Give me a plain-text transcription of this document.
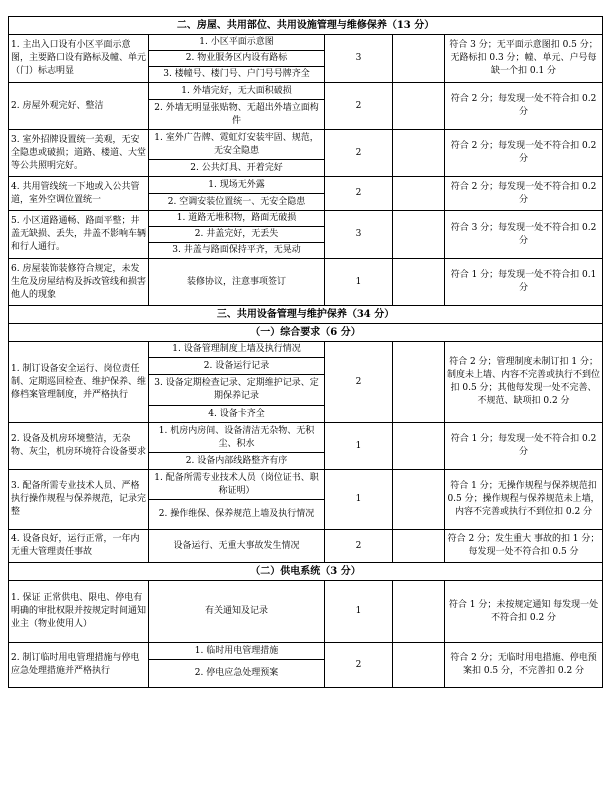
二、房屋、共用部位、共用设施管理与维修保养（13 分）				
1. 主出入口设有小区平面示意图，主要路口设有路标及幢、单元（门）标志明显	1. 小区平面示意图	3		符合 3 分；无平面示意图扣 0.5 分；无路标扣 0.3 分；幢、单元、户号每缺一个扣 0.1 分
	2. 物业服务区内设有路标			
	3. 楼幢号、楼门号、户门号号牌齐全			
2. 房屋外观完好、整洁	1. 外墙完好，无大面积破损	2		符合 2 分；每发现一处不符合扣 0.2 分
	2. 外墙无明显张贴物、无超出外墙立面构件			
3. 室外招牌设置统一美观，无安全隐患或破损；道路、楼道、大堂等公共照明完好。	1. 室外广告牌、霓虹灯安装牢固、规范，无安全隐患	2		符合 2 分；每发现一处不符合扣 0.2 分
	2. 公共灯具、开着完好			
4. 共用管线统一下地或入公共管道，室外空调位置统一	1. 现场无外露	2		符合 2 分；每发现一处不符合扣 0.2 分
	2. 空调安装位置统一、无安全隐患			
5. 小区道路通畅、路面平整；井盖无缺损、丢失，井盖不影响车辆和行人通行。	1. 道路无堆积物，路面无破损	3		符合 3 分；每发现一处不符合扣 0.2 分
	2. 井盖完好，无丢失			
	3. 井盖与路面保持平齐，无晃动			
6. 房屋装饰装修符合规定，未发生危及房屋结构及拆改管线和损害他人的现象	装修协议，注意事项签订	1		符合 1 分；每发现一处不符合扣 0.1 分
三、共用设备管理与维护保养（34 分）				
（一）综合要求（6 分）				
1. 制订设备安全运行、岗位责任制、定期巡回检查、维护保养、维修档案管理制度，并严格执行	1. 设备管理制度上墙及执行情况	2		符合 2 分；管理制度未制订扣 1 分；制度未上墙、内容不完善或执行不到位扣 0.5 分；其他每发现一处不完善、不规范、缺项扣 0.2 分
	2. 设备运行记录			
	3. 设备定期检查记录、定期维护记录、定期保养记录			
	4. 设备卡齐全			
2. 设备及机房环境整洁，无杂物、灰尘，机房环境符合设备要求	1. 机房内房间、设备清洁无杂物、无积尘、积水	1		符合 1 分；每发现一处不符合扣 0.2 分
	2. 设备内部线路整齐有序			
3. 配备所需专业技术人员、严格执行操作规程与保养规范，记录完整	1. 配备所需专业技术人员（岗位证书、职称证明）	1		符合 1 分；无操作规程与保养规范扣 0.5 分；操作规程与保养规范未上墙，内容不完善或执行不到位扣 0.2 分
	2. 操作维保、保养规范上墙及执行情况			
4. 设备良好，运行正常，一年内无重大管理责任事故	设备运行、无重大事故发生情况	2		符合 2 分；发生重大 事故的扣 1 分；每发现一处不符合扣 0.5 分
（二）供电系统（3 分）				
1. 保证 正常供电、限电、停电有明确的审批权限并按规定时间通知业主（物业使用人）	有关通知及记录	1		符合 1 分；未按规定通知 每发现一处不符合扣 0.2 分
2. 制订临时用电管理措施与停电应急处理措施并严格执行	1. 临时用电管理措施	2		符合 2 分；无临时用电措施、停电预案扣 0.5 分，不完善扣 0.2 分
	2. 停电应急处理预案			
